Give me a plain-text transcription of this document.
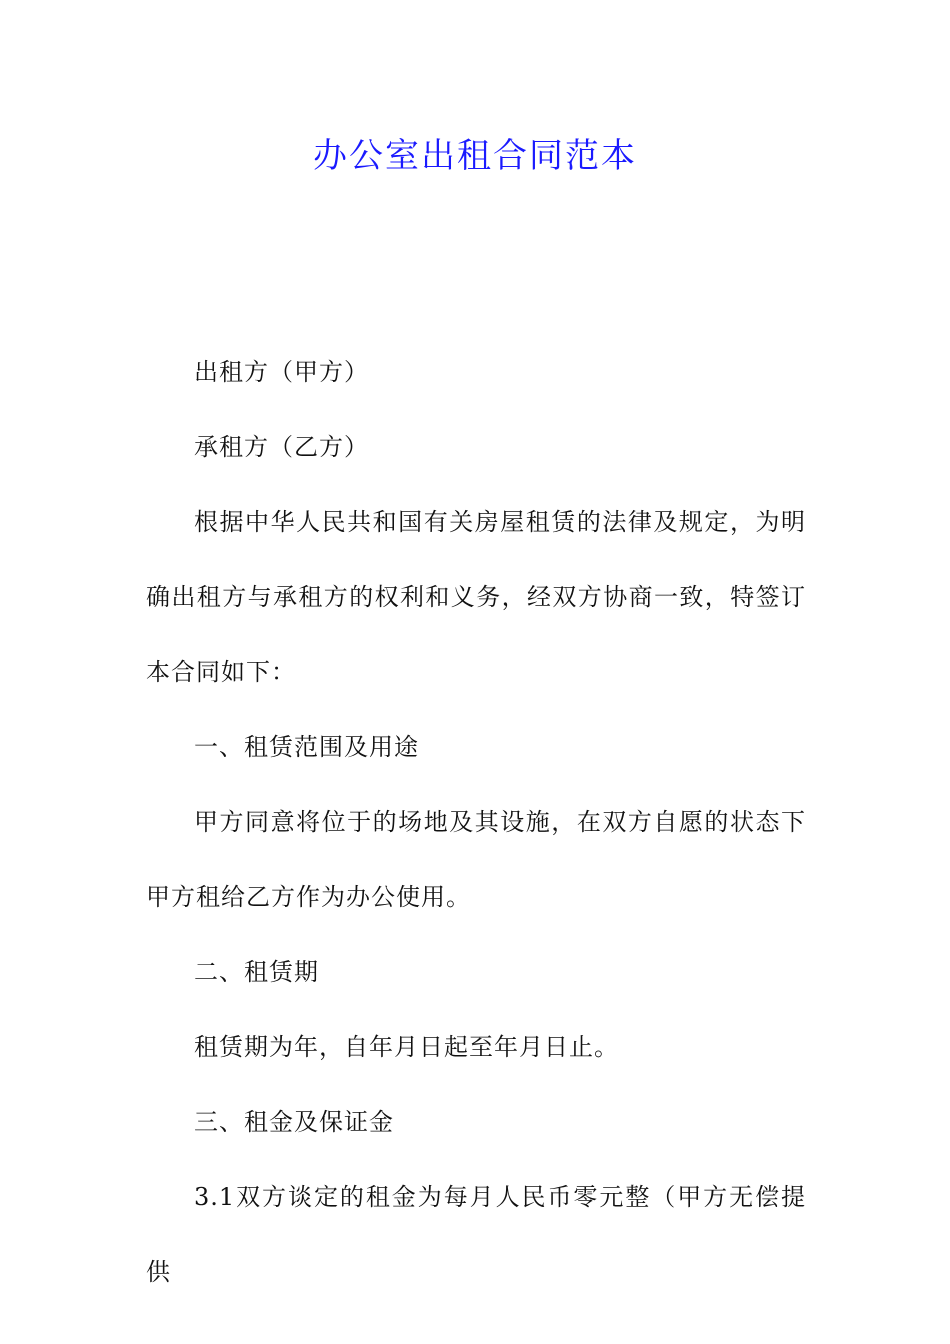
办公室出租合同范本

出租方（甲方）

承租方（乙方）

根据中华人民共和国有关房屋租赁的法律及规定，为明确出租方与承租方的权利和义务，经双方协商一致，特签订本合同如下：

一、租赁范围及用途

甲方同意将位于的场地及其设施，在双方自愿的状态下甲方租给乙方作为办公使用。

二、租赁期

租赁期为年，自年月日起至年月日止。

三、租金及保证金

3.1双方谈定的租金为每月人民币零元整（甲方无偿提供
